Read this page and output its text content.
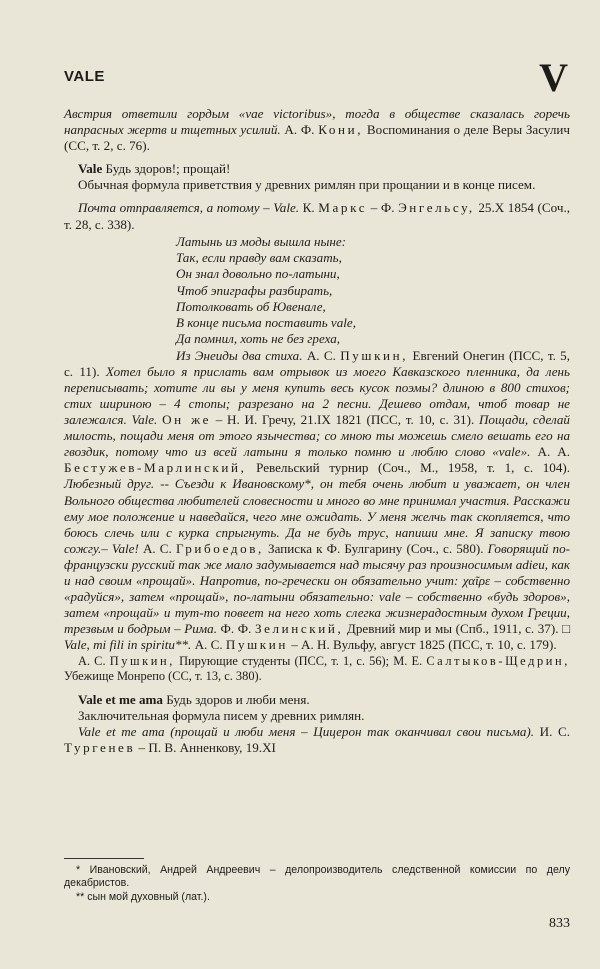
VALE	V

Австрия ответили гордым «vae victoribus», тогда в обществе сказалась горечь напрасных жертв и тщетных усилий. А. Ф. Кони, Воспоминания о деле Веры Засулич (СС, т. 2, с. 76).

Vale Будь здоров!; прощай!

Обычная формула приветствия у древних римлян при прощании и в конце писем.

Почта отправляется, а потому – Vale. К. Маркс – Ф. Энгельсу, 25.X 1854 (Соч., т. 28, с. 338).

Латынь из моды вышла ныне:
Так, если правду вам сказать,
Он знал довольно по-латыни,
Чтоб эпиграфы разбирать,
Потолковать об Ювенале,
В конце письма поставить vale,
Да помнил, хоть не без греха,

Из Энеиды два стиха. А. С. Пушкин, Евгений Онегин (ПСС, т. 5, с. 11). Хотел было я прислать вам отрывок из моего Кавказского пленника, да лень переписывать; хотите ли вы у меня купить весь кусок поэмы? длиною в 800 стихов; стих шириною – 4 стопы; разрезано на 2 песни. Дешево отдам, чтоб товар не залежался. Vale. Он же – Н. И. Гречу, 21.IX 1821 (ПСС, т. 10, с. 31). Пощади, сделай милость, пощади меня от этого язычества; со мною ты можешь смело вешать его на гвоздик, потому что из всей латыни я только помню и люблю слово «vale». А. А. Бестужев-Марлинский, Ревельский турнир (Соч., М., 1958, т. 1, с. 104). Любезный друг. -- Съезди к Ивановскому*, он тебя очень любит и уважает, он член Вольного общества любителей словесности и много во мне принимал участия. Расскажи ему мое положение и наведайся, чего мне ожидать. У меня желчь так скопляется, что боюсь слечь или с курка спрыгнуть. Да не будь трус, напиши мне. Я записку твою сожгу.– Vale! А. С. Грибоедов, Записка к Ф. Булгарину (Соч., с. 580). Говорящий по-французски русский так же мало задумывается над тысячу раз произносимым adieu, как и над своим «прощай». Напротив, по-гречески он обязательно учит: χαῖρε – собственно «радуйся», затем «прощай», по-латыни обязательно: vale – собственно «будь здоров», затем «прощай» и тут-то повеет на него хоть слегка жизнерадостным духом Греции, трезвым и бодрым – Рима. Ф. Ф. Зелинский, Древний мир и мы (Спб., 1911, с. 37). □ Vale, mi fili in spiritu**. А. С. Пушкин – А. Н. Вульфу, август 1825 (ПСС, т. 10, с. 179).

А. С. Пушкин, Пирующие студенты (ПСС, т. 1, с. 56); М. Е. Салтыков-Щедрин, Убежище Монрепо (СС, т. 13, с. 380).

Vale et me ama Будь здоров и люби меня.

Заключительная формула писем у древних римлян.

Vale et me ama (прощай и люби меня – Цицерон так оканчивал свои письма). И. С. Тургенев – П. В. Анненкову, 19.XI

* Ивановский, Андрей Андреевич – делопроизводитель следственной комиссии по делу декабристов.
** сын мой духовный (лат.).
833
